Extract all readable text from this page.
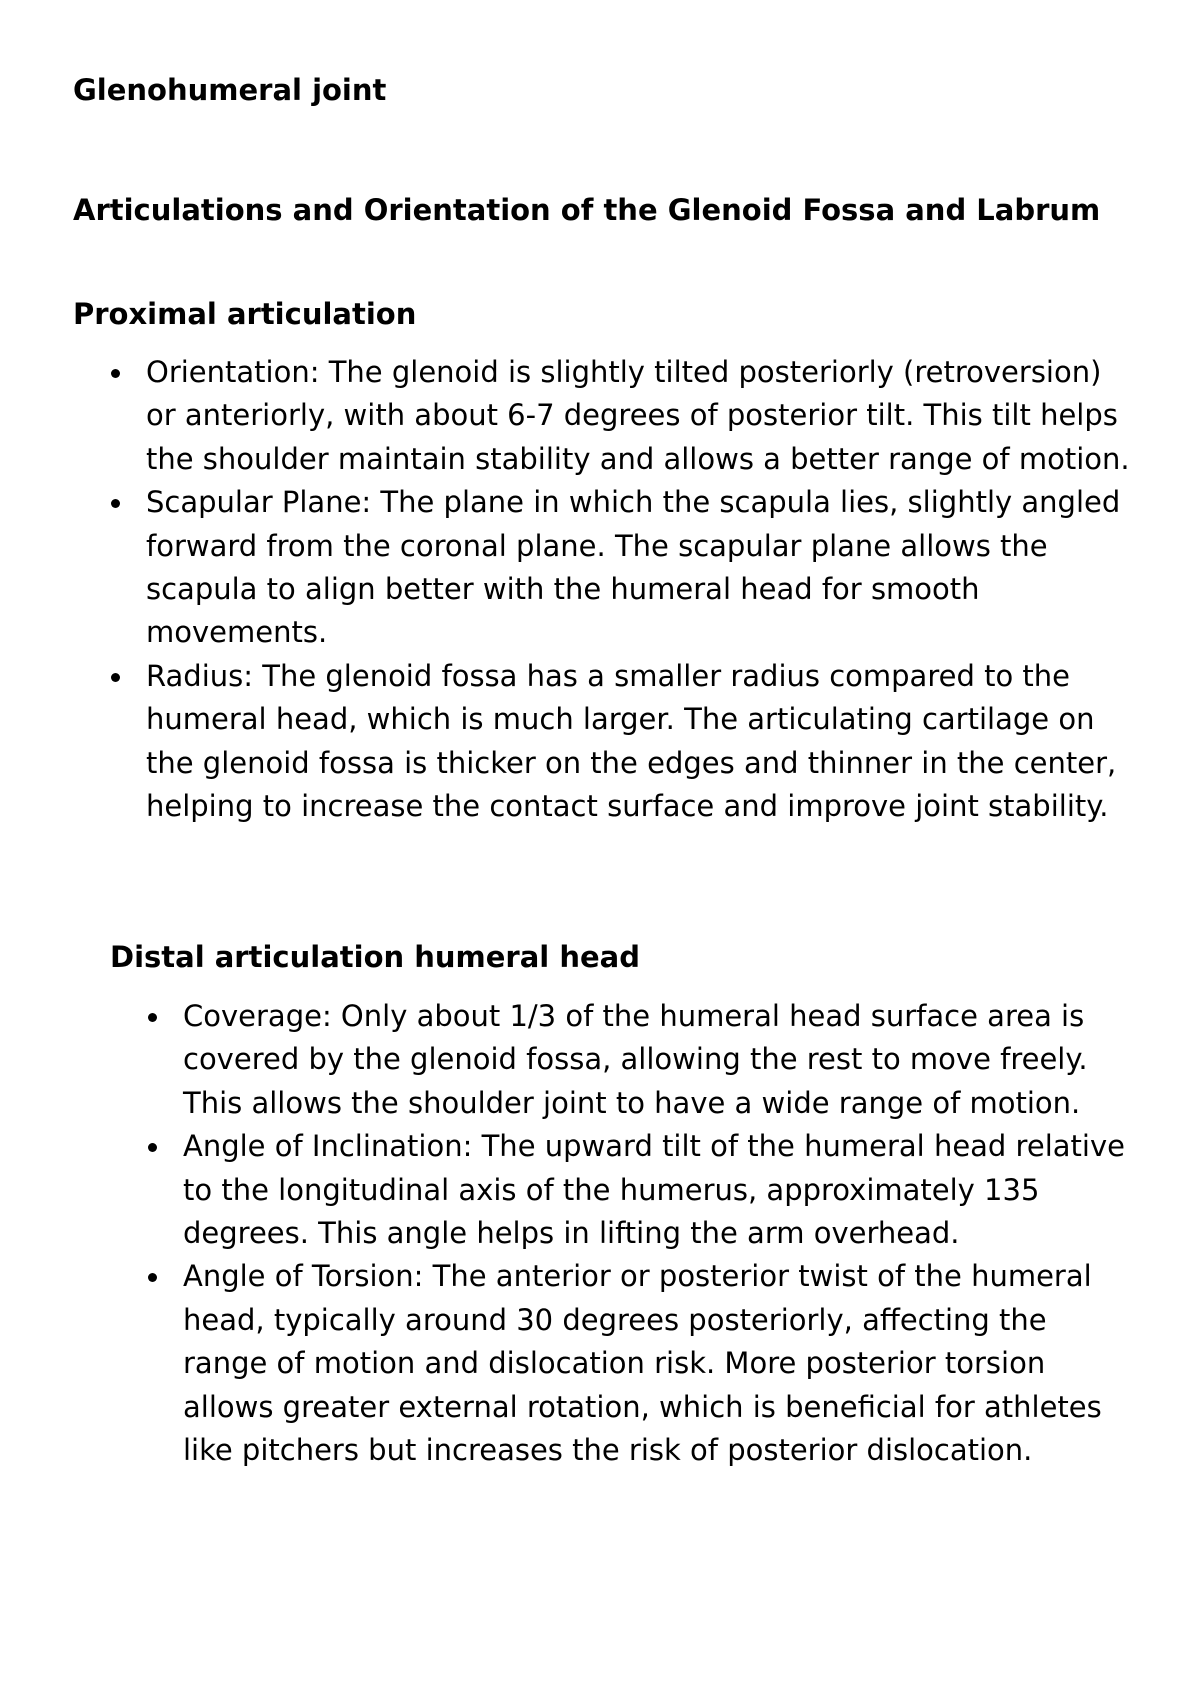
Glenohumeral joint
Articulations and Orientation of the Glenoid Fossa and Labrum
Proximal articulation
Orientation: The glenoid is slightly tilted posteriorly (retroversion) or anteriorly, with about 6-7 degrees of posterior tilt. This tilt helps the shoulder maintain stability and allows a better range of motion.
Scapular Plane: The plane in which the scapula lies, slightly angled forward from the coronal plane. The scapular plane allows the scapula to align better with the humeral head for smooth movements.
Radius: The glenoid fossa has a smaller radius compared to the humeral head, which is much larger. The articulating cartilage on the glenoid fossa is thicker on the edges and thinner in the center, helping to increase the contact surface and improve joint stability.
Distal articulation humeral head
Coverage: Only about 1/3 of the humeral head surface area is covered by the glenoid fossa, allowing the rest to move freely. This allows the shoulder joint to have a wide range of motion.
Angle of Inclination: The upward tilt of the humeral head relative to the longitudinal axis of the humerus, approximately 135 degrees. This angle helps in lifting the arm overhead.
Angle of Torsion: The anterior or posterior twist of the humeral head, typically around 30 degrees posteriorly, affecting the range of motion and dislocation risk. More posterior torsion allows greater external rotation, which is beneficial for athletes like pitchers but increases the risk of posterior dislocation.
